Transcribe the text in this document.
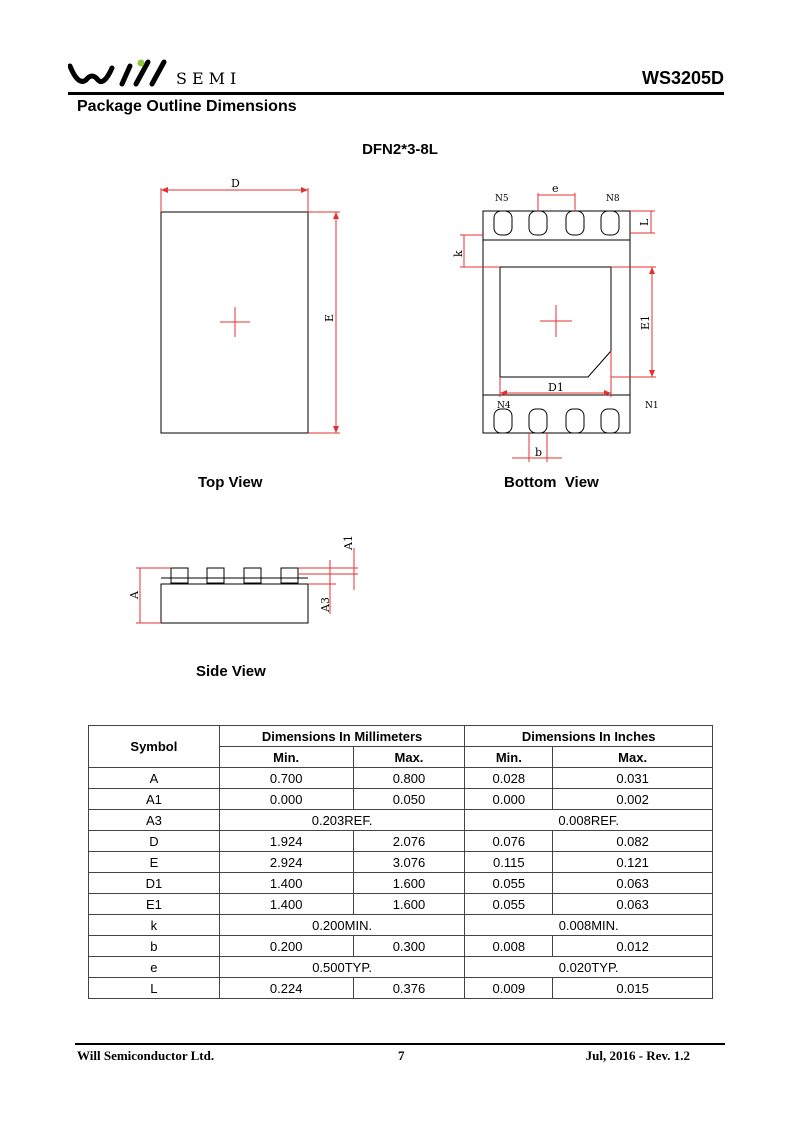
SEMI	WS3205D
Package Outline Dimensions
DFN2*3-8L
D
E
N5	N8
N4	N1
e
L
k
E1
D1
b
A
A1
A3
Top View	Bottom  View
Side View
Symbol	Dimensions In Millimeters		Dimensions In Inches	
	Min.	Max.	Min.	Max.
A	0.700	0.800	0.028	0.031
A1	0.000	0.050	0.000	0.002
A3	0.203REF.		0.008REF.	
D	1.924	2.076	0.076	0.082
E	2.924	3.076	0.115	0.121
D1	1.400	1.600	0.055	0.063
E1	1.400	1.600	0.055	0.063
k	0.200MIN.		0.008MIN.	
b	0.200	0.300	0.008	0.012
e	0.500TYP.		0.020TYP.	
L	0.224	0.376	0.009	0.015
Will Semiconductor Ltd.	7	Jul, 2016 - Rev. 1.2
